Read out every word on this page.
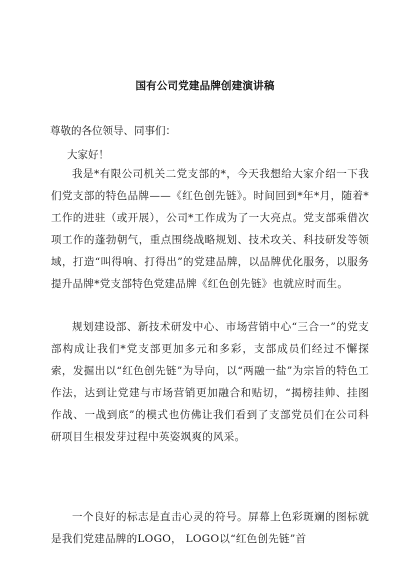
国有公司党建品牌创建演讲稿
尊敬的各位领导、同事们：
大家好！

我是*有限公司机关二党支部的*，今天我想给大家介绍一下我们党支部的特色品牌——《红色创先链》。时间回到*年*月，随着*工作的进驻（或开展），公司*工作成为了一大亮点。党支部乘借次项工作的蓬勃朝气，重点围绕战略规划、技术攻关、科技研发等领域，打造“叫得响、打得出”的党建品牌，以品牌优化服务，以服务提升品牌*党支部特色党建品牌《红色创先链》也就应时而生。

规划建设部、新技术研发中心、市场营销中心“三合一”的党支部构成让我们*党支部更加多元和多彩，支部成员们经过不懈探索，发掘出以“红色创先链”为导向，以“两融一盐”为宗旨的特色工作法，达到让党建与市场营销更加融合和贴切，“揭榜挂帅、挂图作战、一战到底”的模式也仿佛让我们看到了支部党员们在公司科研项目生根发芽过程中英姿飒爽的风采。

一个良好的标志是直击心灵的符号。屏幕上色彩斑斓的图标就是我们党建品牌的LOGO， LOGO以“红色创先链”首
